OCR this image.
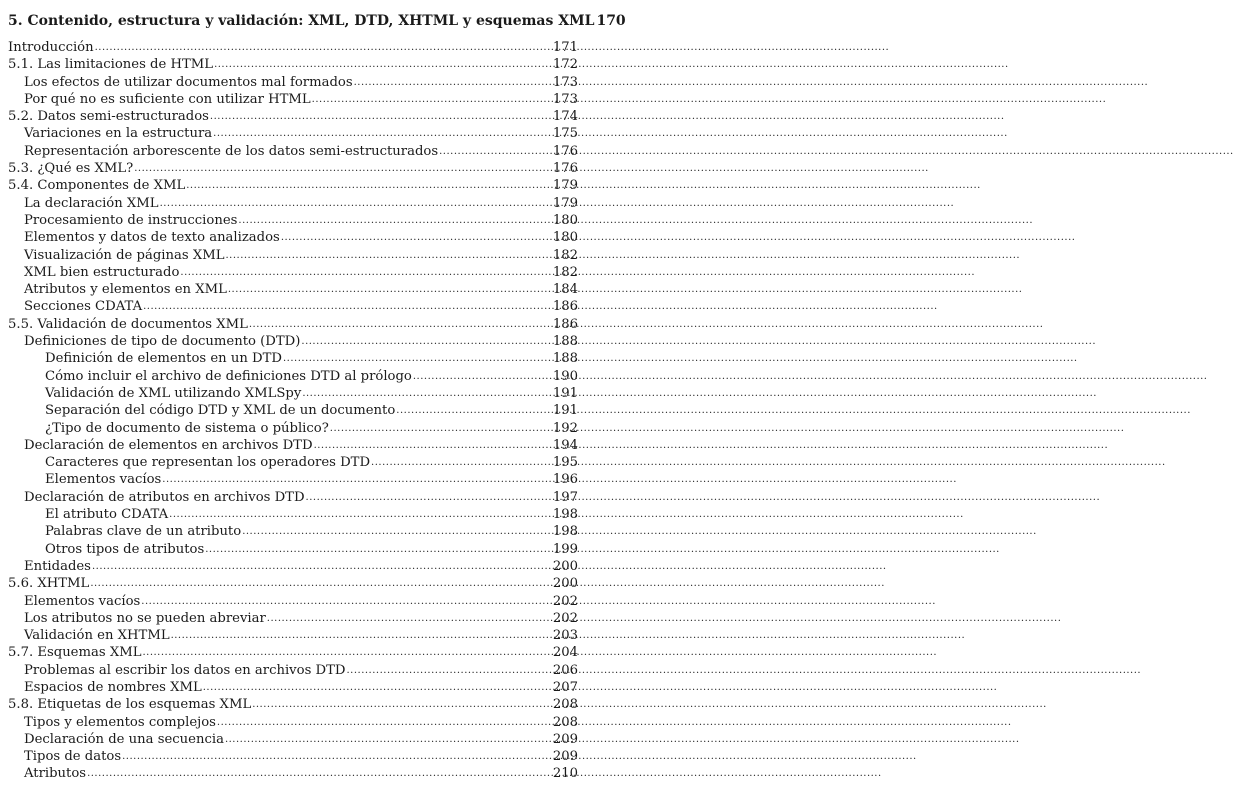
5. Contenido, estructura y validación: XML, DTD, XHTML y esquemas XML 170
Introducción .....	171
5.1. Las limitaciones de HTML .....	172
Los efectos de utilizar documentos mal formados .....	173
Por qué no es suficiente con utilizar HTML .....	173
5.2. Datos semi-estructurados .....	174
Variaciones en la estructura .....	175
Representación arborescente de los datos semi-estructurados .....	176
5.3. ¿Qué es XML? .....	176
5.4. Componentes de XML .....	179
La declaración XML .....	179
Procesamiento de instrucciones .....	180
Elementos y datos de texto analizados .....	180
Visualización de páginas XML .....	182
XML bien estructurado .....	182
Atributos y elementos en XML .....	184
Secciones CDATA .....	186
5.5. Validación de documentos XML .....	186
Definiciones de tipo de documento (DTD) .....	188
Definición de elementos en un DTD .....	188
Cómo incluir el archivo de definiciones DTD al prólogo .....	190
Validación de XML utilizando XMLSpy .....	191
Separación del código DTD y XML de un documento .....	191
¿Tipo de documento de sistema o público? .....	192
Declaración de elementos en archivos DTD .....	194
Caracteres que representan los operadores DTD .....	195
Elementos vacíos .....	196
Declaración de atributos en archivos DTD .....	197
El atributo CDATA .....	198
Palabras clave de un atributo .....	198
Otros tipos de atributos .....	199
Entidades .....	200
5.6. XHTML .....	200
Elementos vacíos .....	202
Los atributos no se pueden abreviar .....	202
Validación en XHTML .....	203
5.7. Esquemas XML .....	204
Problemas al escribir los datos en archivos DTD .....	206
Espacios de nombres XML .....	207
5.8. Etiquetas de los esquemas XML .....	208
Tipos y elementos complejos .....	208
Declaración de una secuencia .....	209
Tipos de datos .....	209
Atributos .....	210
